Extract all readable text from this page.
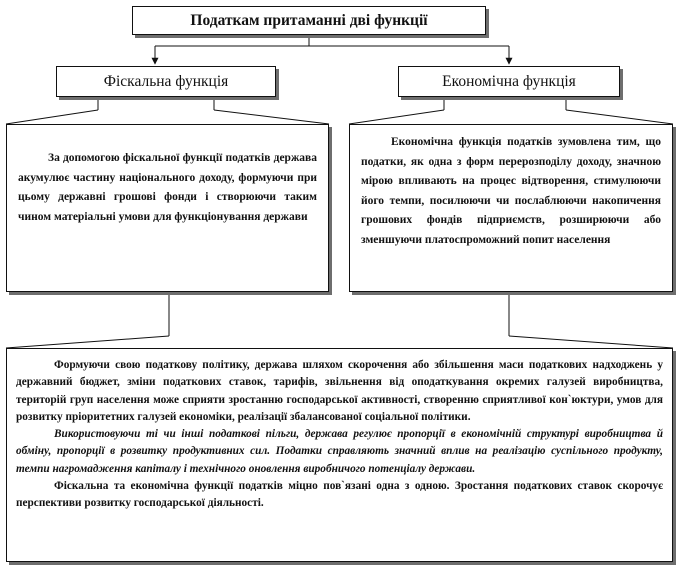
Податкам притаманні дві функції
Фіскальна функція	Економічна функція

За допомогою фіскальної функції податків держава акумулює частину національного доходу, формуючи при цьому державні грошові фонди і створюючи таким чином матеріальні умови для функціонування держави

Економічна функція податків зумовлена тим, що податки, як одна з форм перерозподілу доходу, значною мірою впливають на процес відтворення, стимулюючи його темпи, посилюючи чи послаблюючи накопичення грошових фондів підприємств, розширюючи або зменшуючи платоспроможний попит населення

Формуючи свою податкову політику, держава шляхом скорочення або збільшення маси податкових надходжень у державний бюджет, зміни податкових ставок, тарифів, звільнення від оподаткування окремих галузей виробництва, територій груп населення може сприяти зростанню господарської активності, створенню сприятливої кон`юктури, умов для розвитку пріоритетних галузей економіки, реалізації збалансованої соціальної політики.

Використовуючи ті чи інші податкові пільги, держава регулює пропорції в економічній структурі виробництва й обміну, пропорції в розвитку продуктивних сил. Податки справляють значний вплив на реалізацію суспільного продукту, темпи нагромадження капіталу і технічного оновлення виробничого потенціалу держави.

Фіскальна та економічна функції податків міцно пов`язані одна з одною. Зростання податкових ставок скорочує перспективи розвитку господарської діяльності.
